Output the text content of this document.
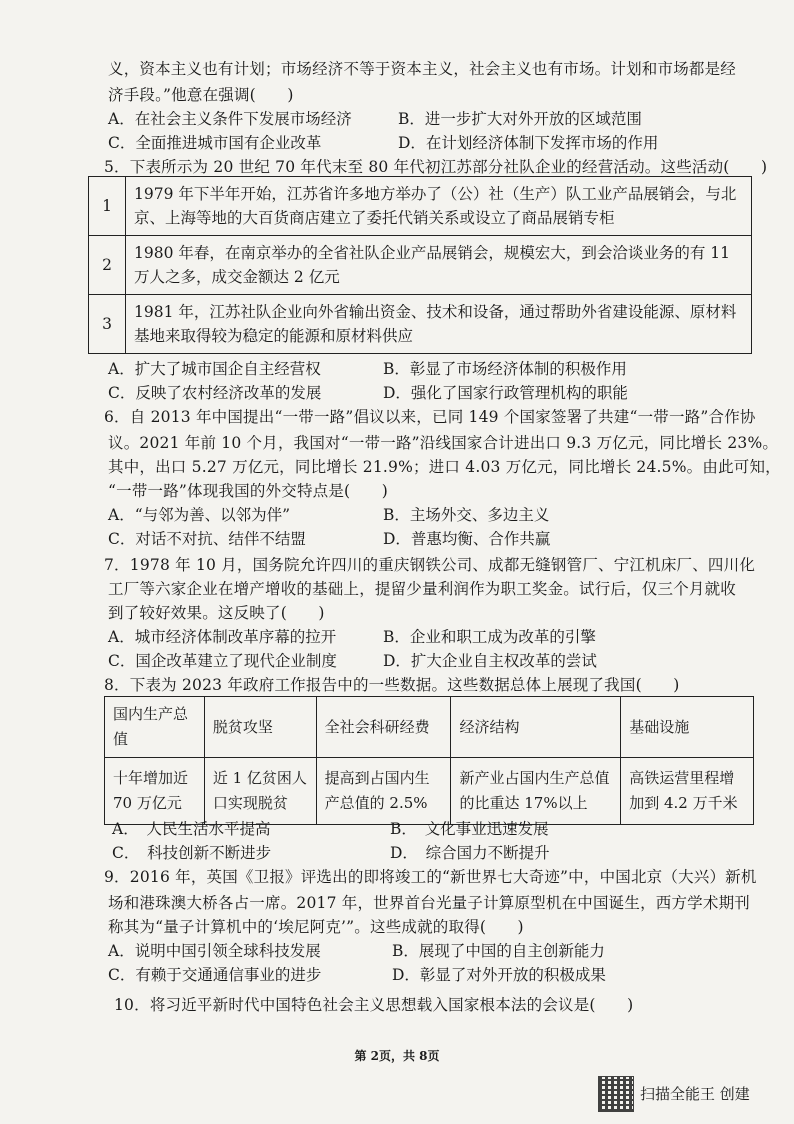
义，资本主义也有计划；市场经济不等于资本主义，社会主义也有市场。计划和市场都是经
济手段。”他意在强调(　　)
A．在社会主义条件下发展市场经济	B．进一步扩大对外开放的区域范围
C．全面推进城市国有企业改革	D．在计划经济体制下发挥市场的作用
5．下表所示为 20 世纪 70 年代末至 80 年代初江苏部分社队企业的经营活动。这些活动(　　)
1	1979 年下半年开始，江苏省许多地方举办了（公）社（生产）队工业产品展销会，与北京、上海等地的大百货商店建立了委托代销关系或设立了商品展销专柜
2	1980 年春，在南京举办的全省社队企业产品展销会，规模宏大，到会洽谈业务的有 11 万人之多，成交金额达 2 亿元
3	1981 年，江苏社队企业向外省输出资金、技术和设备，通过帮助外省建设能源、原材料基地来取得较为稳定的能源和原材料供应
A．扩大了城市国企自主经营权	B．彰显了市场经济体制的积极作用
C．反映了农村经济改革的发展	D．强化了国家行政管理机构的职能
6．自 2013 年中国提出“一带一路”倡议以来，已同 149 个国家签署了共建“一带一路”合作协
议。2021 年前 10 个月，我国对“一带一路”沿线国家合计进出口 9.3 万亿元，同比增长 23%。
其中，出口 5.27 万亿元，同比增长 21.9%；进口 4.03 万亿元，同比增长 24.5%。由此可知，
“一带一路”体现我国的外交特点是(　　)
A．“与邻为善、以邻为伴”	B．主场外交、多边主义
C．对话不对抗、结伴不结盟	D．普惠均衡、合作共赢
7．1978 年 10 月，国务院允许四川的重庆钢铁公司、成都无缝钢管厂、宁江机床厂、四川化
工厂等六家企业在增产增收的基础上，提留少量利润作为职工奖金。试行后，仅三个月就收
到了较好效果。这反映了(　　)
A．城市经济体制改革序幕的拉开	B．企业和职工成为改革的引擎
C．国企改革建立了现代企业制度	D．扩大企业自主权改革的尝试
8．下表为 2023 年政府工作报告中的一些数据。这些数据总体上展现了我国(　　)
国内生产总值	脱贫攻坚	全社会科研经费	经济结构	基础设施
十年增加近 70 万亿元	近 1 亿贫困人口实现脱贫	提高到占国内生产总值的 2.5%	新产业占国内生产总值的比重达 17%以上	高铁运营里程增加到 4.2 万千米
A．　人民生活水平提高	B．　文化事业迅速发展
C．　科技创新不断进步	D．　综合国力不断提升
9．2016 年，英国《卫报》评选出的即将竣工的“新世界七大奇迹”中，中国北京（大兴）新机
场和港珠澳大桥各占一席。2017 年，世界首台光量子计算原型机在中国诞生，西方学术期刊
称其为“量子计算机中的‘埃尼阿克’”。这些成就的取得(　　)
A．说明中国引领全球科技发展	B．展现了中国的自主创新能力
C．有赖于交通通信事业的进步	D．彰显了对外开放的积极成果
10．将习近平新时代中国特色社会主义思想载入国家根本法的会议是(　　)
第 2页，共 8页
扫描全能王 创建
